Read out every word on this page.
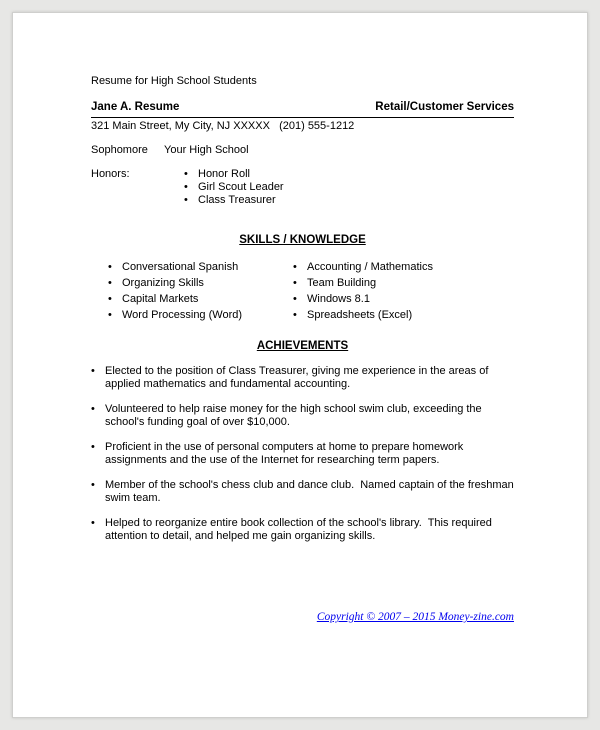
Resume for High School Students

Jane A. Resume	Retail/Customer Services

321 Main Street, My City, NJ XXXXX   (201) 555-1212

Sophomore	Your High School
Honors:	• Honor Roll
• Girl Scout Leader
• Class Treasurer
SKILLS / KNOWLEDGE
• Conversational Spanish
• Organizing Skills
• Capital Markets
• Word Processing (Word)
• Accounting / Mathematics
• Team Building
• Windows 8.1
• Spreadsheets (Excel)
ACHIEVEMENTS
• Elected to the position of Class Treasurer, giving me experience in the areas of applied mathematics and fundamental accounting.
• Volunteered to help raise money for the high school swim club, exceeding the school's funding goal of over $10,000.
• Proficient in the use of personal computers at home to prepare homework assignments and the use of the Internet for researching term papers.
• Member of the school's chess club and dance club.  Named captain of the freshman swim team.
• Helped to reorganize entire book collection of the school's library.  This required attention to detail, and helped me gain organizing skills.

Copyright © 2007 – 2015 Money-zine.com
